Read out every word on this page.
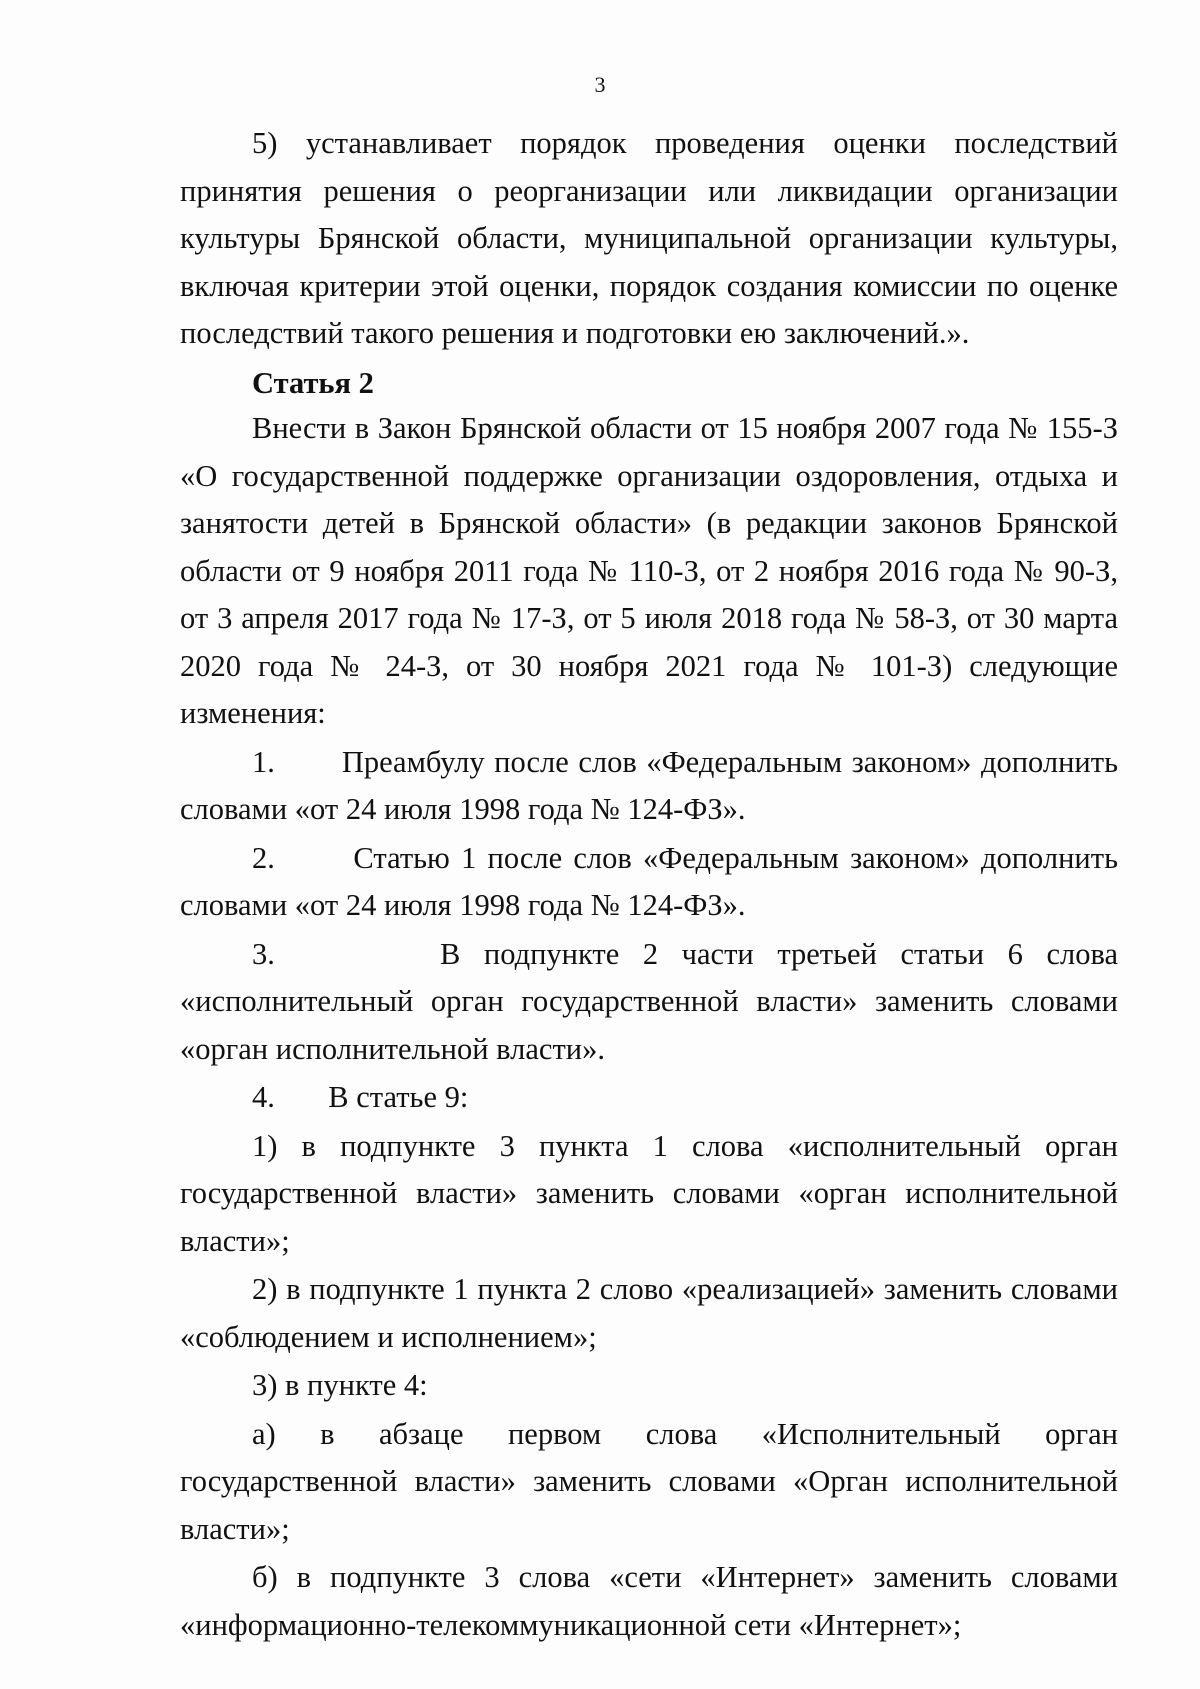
3

5) устанавливает порядок проведения оценки последствий принятия решения о реорганизации или ликвидации организации культуры Брянской области, муниципальной организации культуры, включая критерии этой оценки, порядок создания комиссии по оценке последствий такого решения и подготовки ею заключений.».

Статья 2

Внести в Закон Брянской области от 15 ноября 2007 года № 155-З «О государственной поддержке организации оздоровления, отдыха и занятости детей в Брянской области» (в редакции законов Брянской области от 9 ноября 2011 года № 110-З, от 2 ноября 2016 года № 90-З, от 3 апреля 2017 года № 17-З, от 5 июля 2018 года № 58-З, от 30 марта 2020 года № 24-З, от 30 ноября 2021 года № 101-З) следующие изменения:

1.       Преамбулу после слов «Федеральным законом» дополнить словами «от 24 июля 1998 года № 124-ФЗ».

2.       Статью 1 после слов «Федеральным законом» дополнить словами «от 24 июля 1998 года № 124-ФЗ».

3.       В подпункте 2 части третьей статьи 6 слова «исполнительный орган государственной власти» заменить словами «орган исполнительной власти».

4.       В статье 9:

1) в подпункте 3 пункта 1 слова «исполнительный орган государственной власти» заменить словами «орган исполнительной власти»;

2) в подпункте 1 пункта 2 слово «реализацией» заменить словами «соблюдением и исполнением»;

3) в пункте 4:

а) в абзаце первом слова «Исполнительный орган государственной власти» заменить словами «Орган исполнительной власти»;

б) в подпункте 3 слова «сети «Интернет» заменить словами «информационно-телекоммуникационной сети «Интернет»;
